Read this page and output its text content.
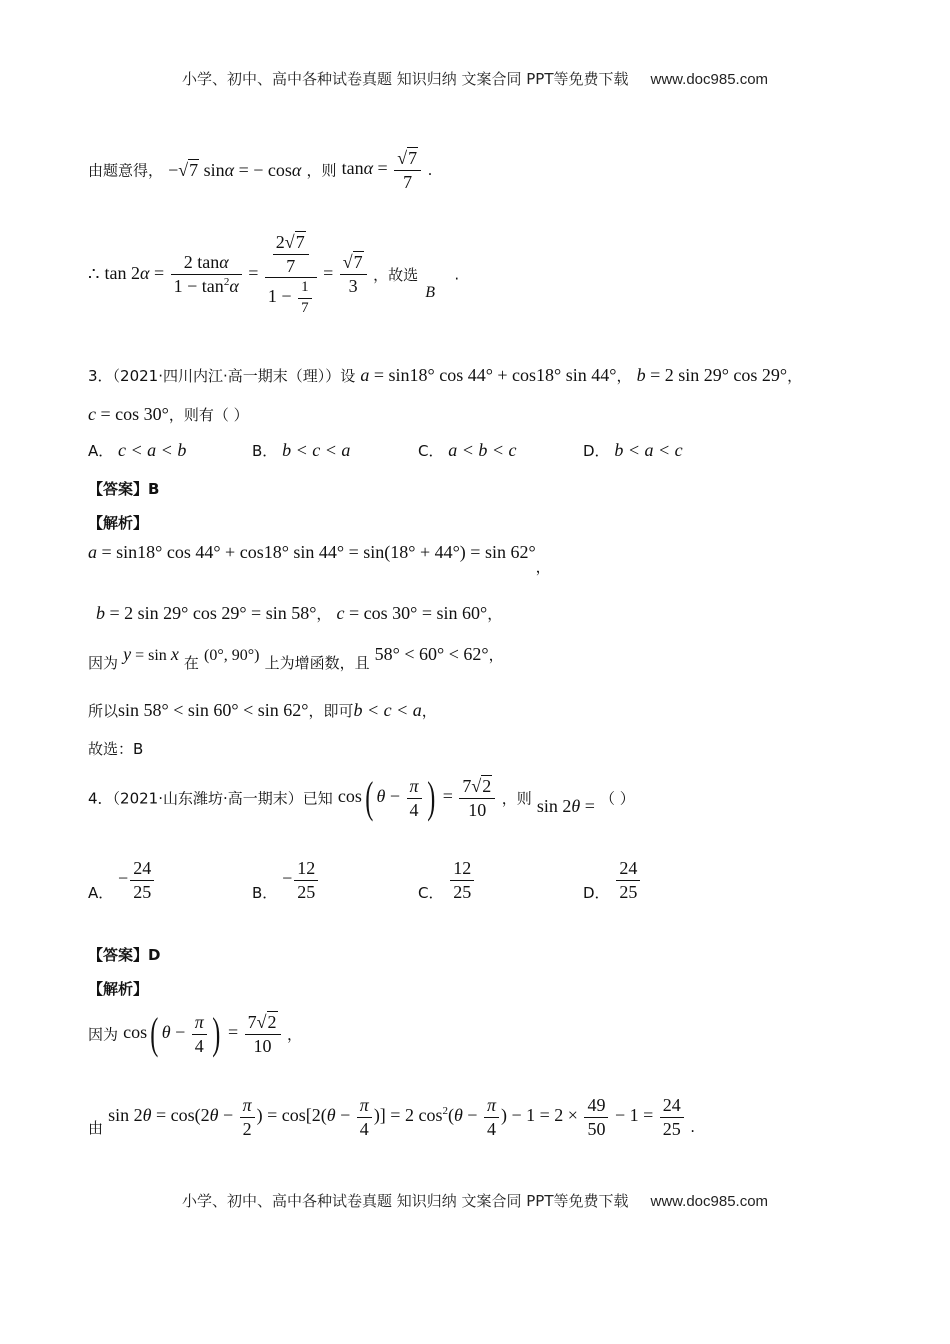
小学、初中、高中各种试卷真题 知识归纳 文案合同 PPT等免费下载 www.doc985.com
由题意得， −√7 sinα = − cosα ，则 $\tan\alpha = \frac{√7}{7}$ .
∴ $\tan 2\alpha = \frac{2 \tan\alpha}{1 - \tan^2\alpha} = \frac{\frac{2√7}{7}}{1 - \frac{1}{7}} = \frac{√7}{3}$ ，故选
B
.
3．（2021·四川内江·高一期末（理））设 a = sin18° cos 44° + cos18° sin 44°， b = 2 sin 29° cos 29°，
c = cos 30°，则有（ ）
A． c < a < b	B． b < c < a	C． a < b < c	D． b < a < c
【答案】B
【解析】
a = sin18° cos 44° + cos18° sin 44° = sin(18° + 44°) = sin 62°，
b = 2 sin 29° cos 29° = sin 58°， c = cos 30° = sin 60°，
因为 y = sin x 在 (0°, 90°) 上为增函数，且 58° < 60° < 62°，
所以sin 58° < sin 60° < sin 62°，即可b < c < a，
故选：B
4．（2021·山东潍坊·高一期末）已知 cos( $\theta - \frac{\pi}{4}$ ) = $\frac{7√2}{10}$ ，则 sin 2θ = （ ）
A． − $\frac{24}{25}$	B． − $\frac{12}{25}$	C． $\frac{12}{25}$	D． $\frac{24}{25}$
【答案】D
【解析】
因为 cos( $\theta - \frac{\pi}{4}$ ) = $\frac{7√2}{10}$ ，
由 $\sin 2\theta = \cos(2\theta - \frac{\pi}{2}$ ) = $\cos[2(\theta - \frac{\pi}{4}$ )] = 2 $\cos^2(\theta - \frac{\pi}{4}$ ) − $1 = 2 \times \frac{49}{50} - 1 = \frac{24}{25}$ .
小学、初中、高中各种试卷真题 知识归纳 文案合同 PPT等免费下载 www.doc985.com
